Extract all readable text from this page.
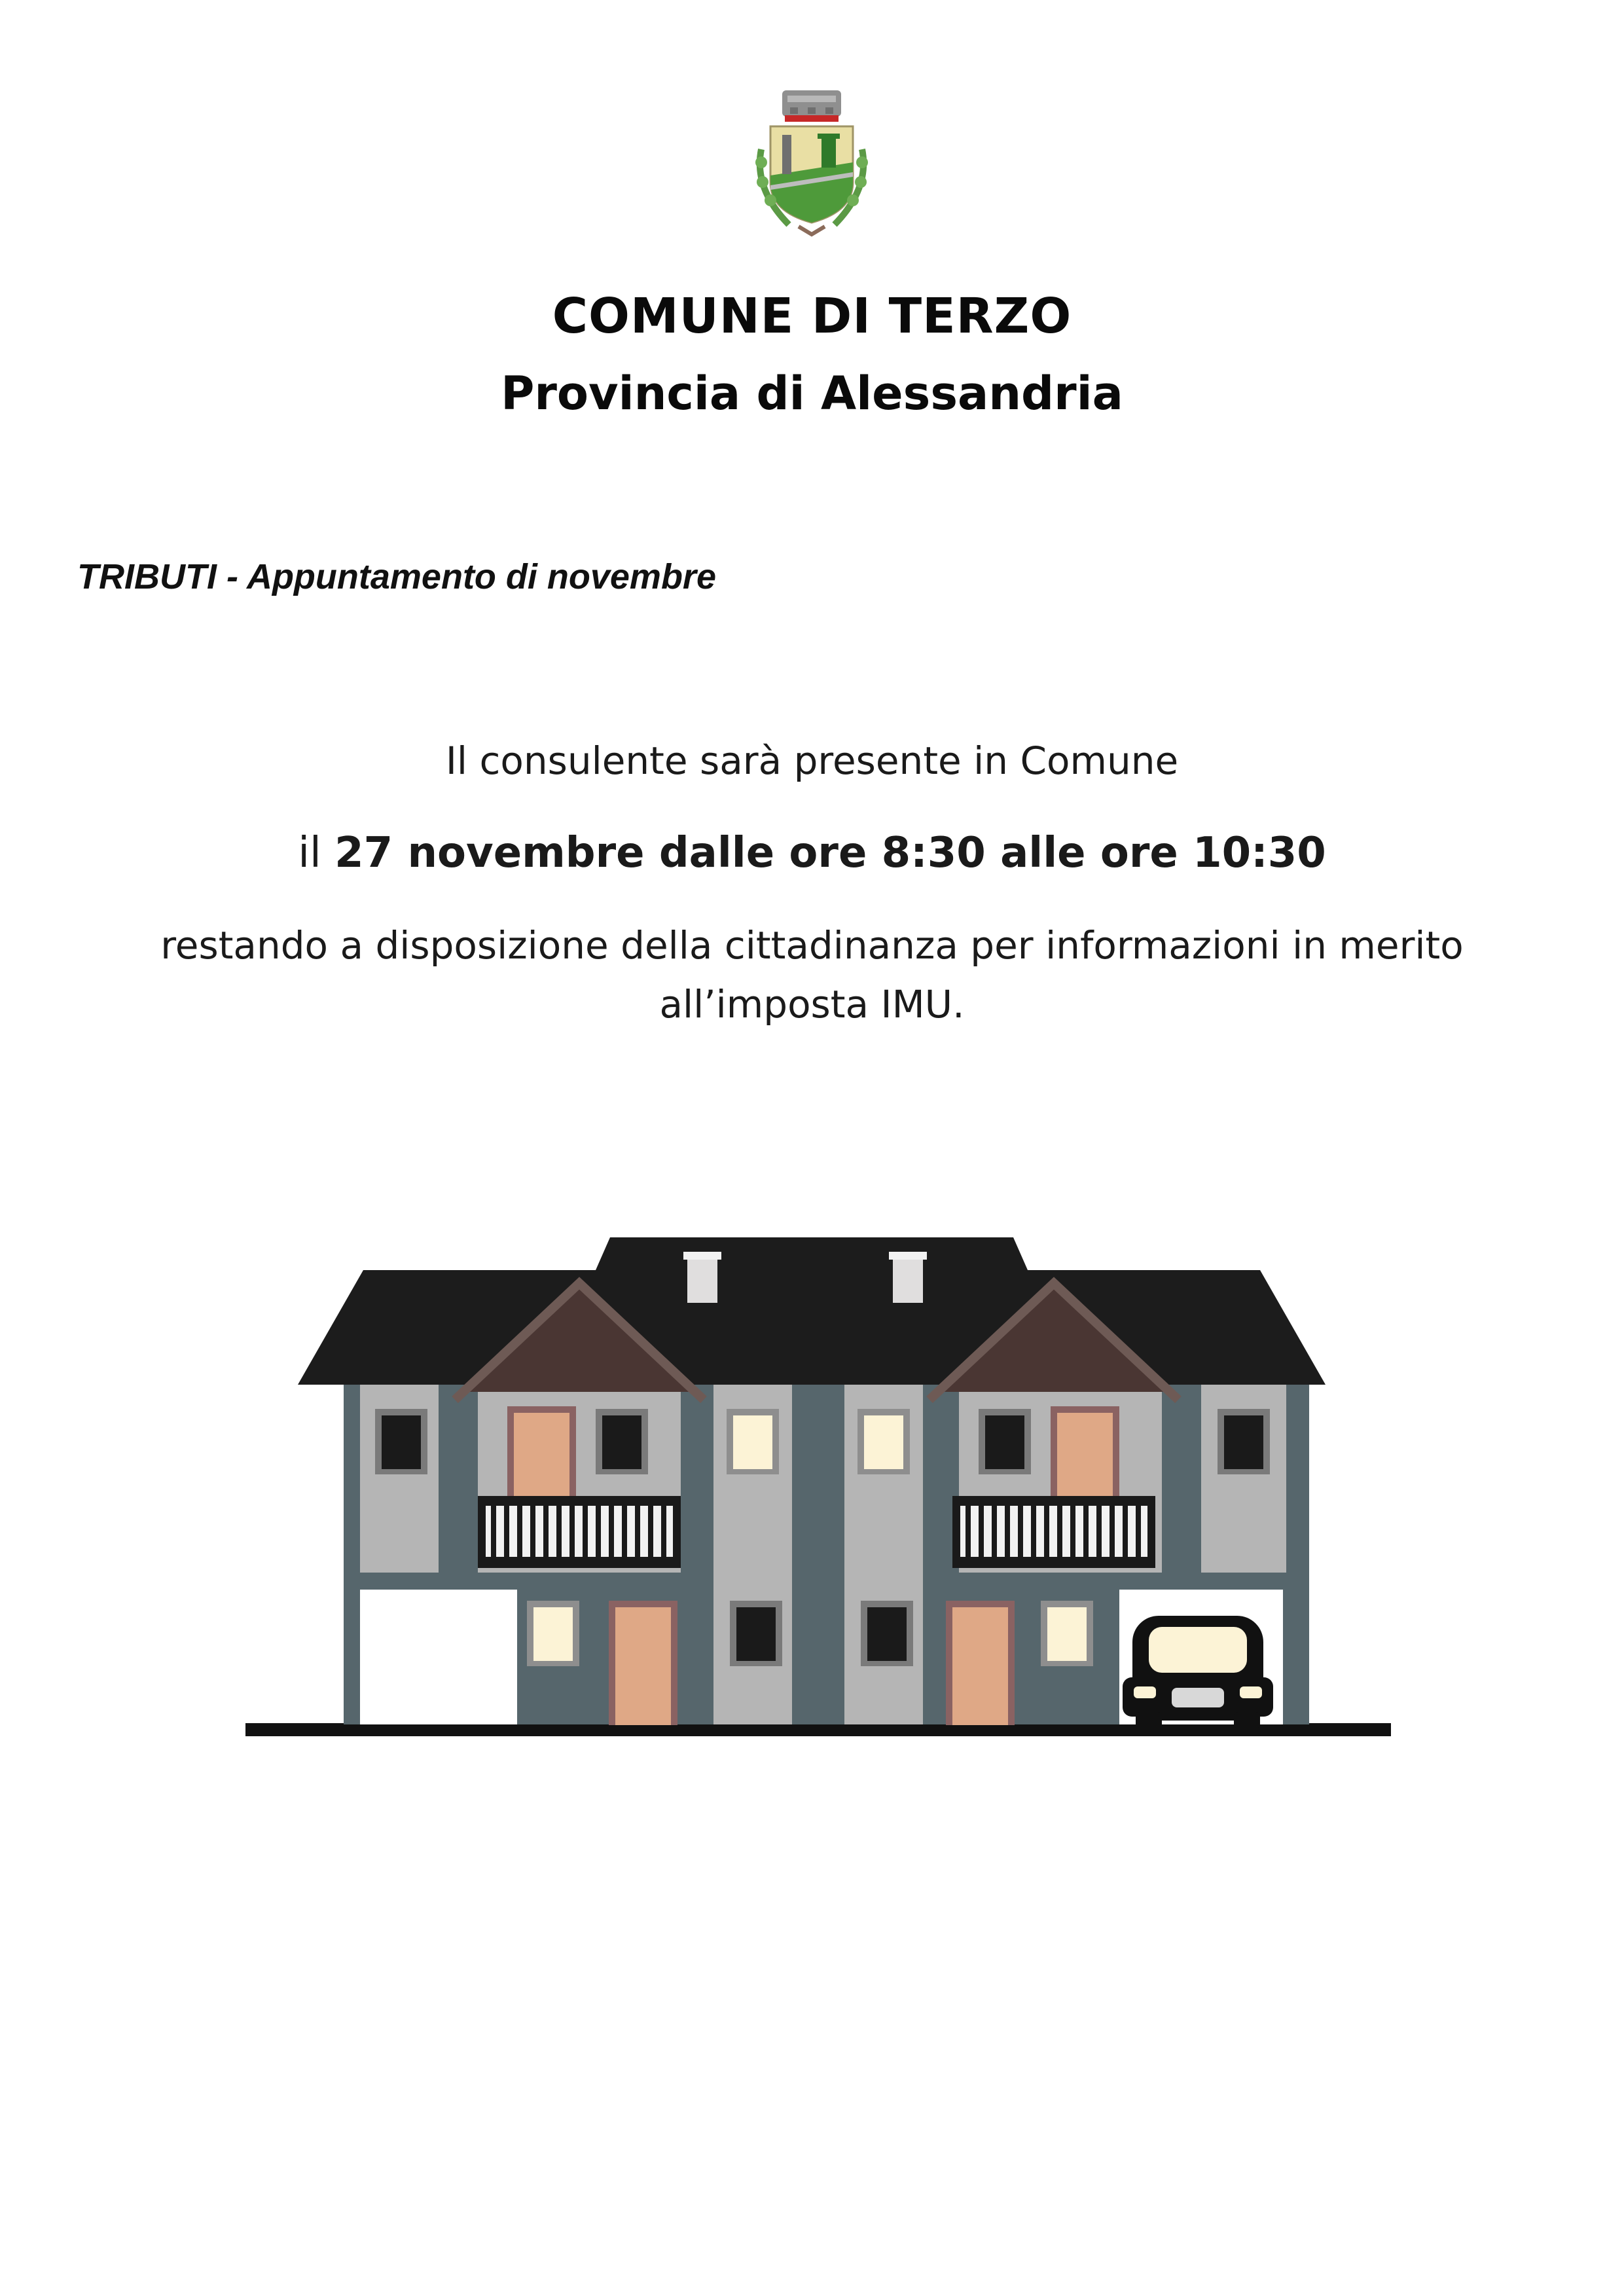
COMUNE DI TERZO
Provincia di Alessandria

TRIBUTI - Appuntamento di novembre

Il consulente sarà presente in Comune

il 27 novembre dalle ore 8:30 alle ore 10:30

restando a disposizione della cittadinanza per informazioni in merito

all’imposta IMU.
